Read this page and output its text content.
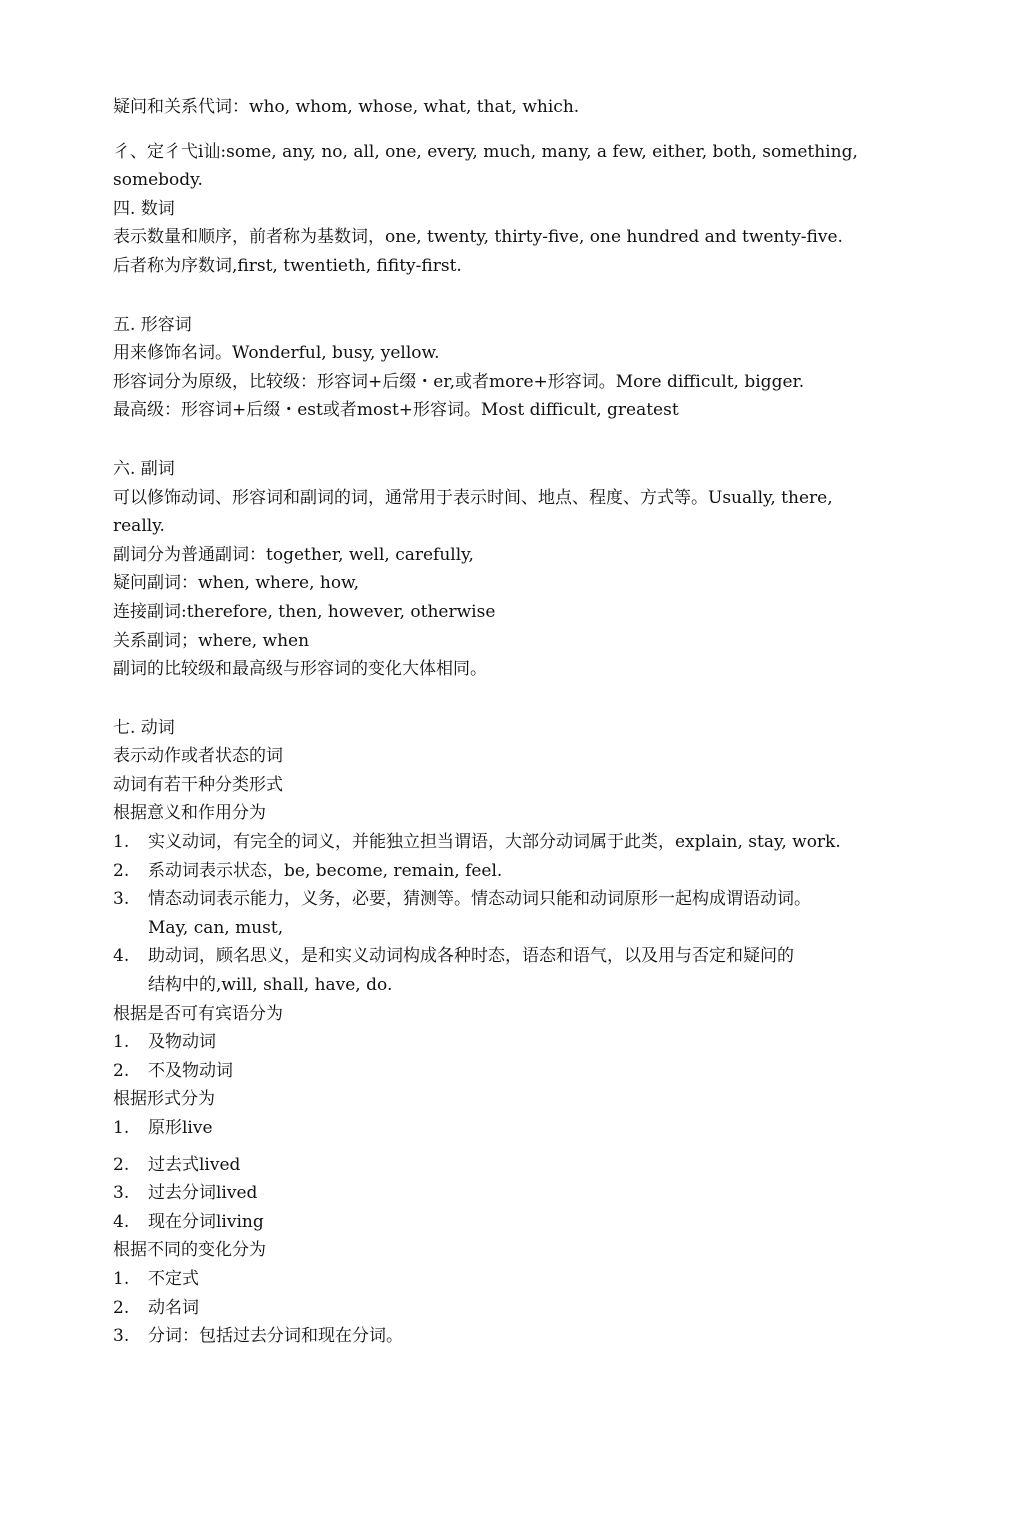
疑问和关系代词：who, whom, whose, what, that, which.

彳、定彳弋i讪:some, any, no, all, one, every, much, many, a few, either, both, something,

somebody.

四. 数词

表示数量和顺序，前者称为基数词，one, twenty, thirty-five, one hundred and twenty-five.

后者称为序数词,first, twentieth, fifity-first.

五. 形容词

用来修饰名词。Wonderful, busy, yellow.

形容词分为原级，比较级：形容词+后缀・er,或者more+形容词。More difficult, bigger.

最高级：形容词+后缀・est或者most+形容词。Most difficult, greatest

六. 副词

可以修饰动词、形容词和副词的词，通常用于表示时间、地点、程度、方式等。Usually, there,

really.

副词分为普通副词：together, well, carefully,

疑问副词：when, where, how,

连接副词:therefore, then, however, otherwise

关系副词；where, when

副词的比较级和最高级与形容词的变化大体相同。

七. 动词

表示动作或者状态的词

动词有若干种分类形式

根据意义和作用分为

1.	实义动词，有完全的词义，并能独立担当谓语，大部分动词属于此类，explain, stay, work.
2.	系动词表示状态，be, become, remain, feel.
3.	情态动词表示能力，义务，必要，猜测等。情态动词只能和动词原形一起构成谓语动词。
May, can, must,
4.	助动词，顾名思义，是和实义动词构成各种时态，语态和语气，以及用与否定和疑问的
结构中的,will, shall, have, do.

根据是否可有宾语分为

1.	及物动词
2.	不及物动词

根据形式分为

1.	原形live
2.	过去式lived
3.	过去分词lived
4.	现在分词living

根据不同的变化分为

1.	不定式
2.	动名词
3.	分词：包括过去分词和现在分词。
